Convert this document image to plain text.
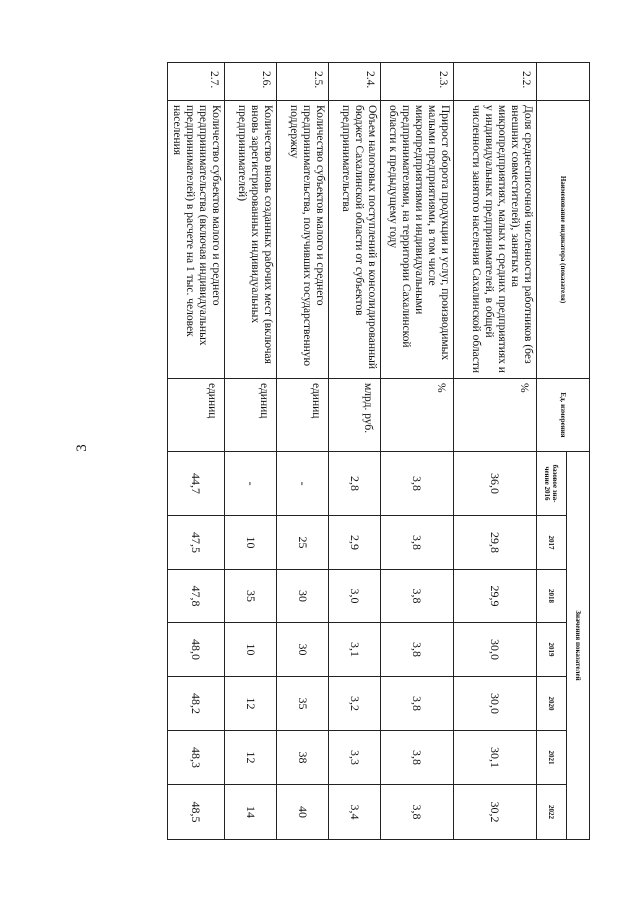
3
	Наименование индикатора (показателя)	Ед. измерения	Значения показателей						
			базовое зна-
чение 2016	2017	2018	2019	2020	2021	2022
2.2.	Доля среднесписочной численности работников (без внешних совместителей), занятых на микропредприятиях, малых и средних предприятиях и у индивидуальных предпринимателей, в общей численности занятого населения Сахалинской области	%	36,0	29,8	29,9	30,0	30,0	30,1	30,2
2.3.	Прирост оборота продукции и услуг, производимых малыми предприятиями, в том числе микропредприятиями и индивидуальными предпринимателями, на территории Сахалинской области к предыдущему году	%	3,8	3,8	3,8	3,8	3,8	3,8	3,8
2.4.	Объем налоговых поступлений в консолидированный бюджет Сахалинской области от субъектов предпринимательства	млрд. руб.	2,8	2,9	3,0	3,1	3,2	3,3	3,4
2.5.	Количество субъектов малого и среднего предпринимательства, получивших государственную поддержку	единиц	-	25	30	30	35	38	40
2.6.	Количество вновь созданных рабочих мест (включая вновь зарегистрированных индивидуальных предпринимателей)	единиц	-	10	35	10	12	12	14
2.7.	Количество субъектов малого и среднего предпринимательства (включая индивидуальных предпринимателей) в расчете на 1 тыс. человек населения	единиц	44,7	47,5	47,8	48,0	48,2	48,3	48,5
